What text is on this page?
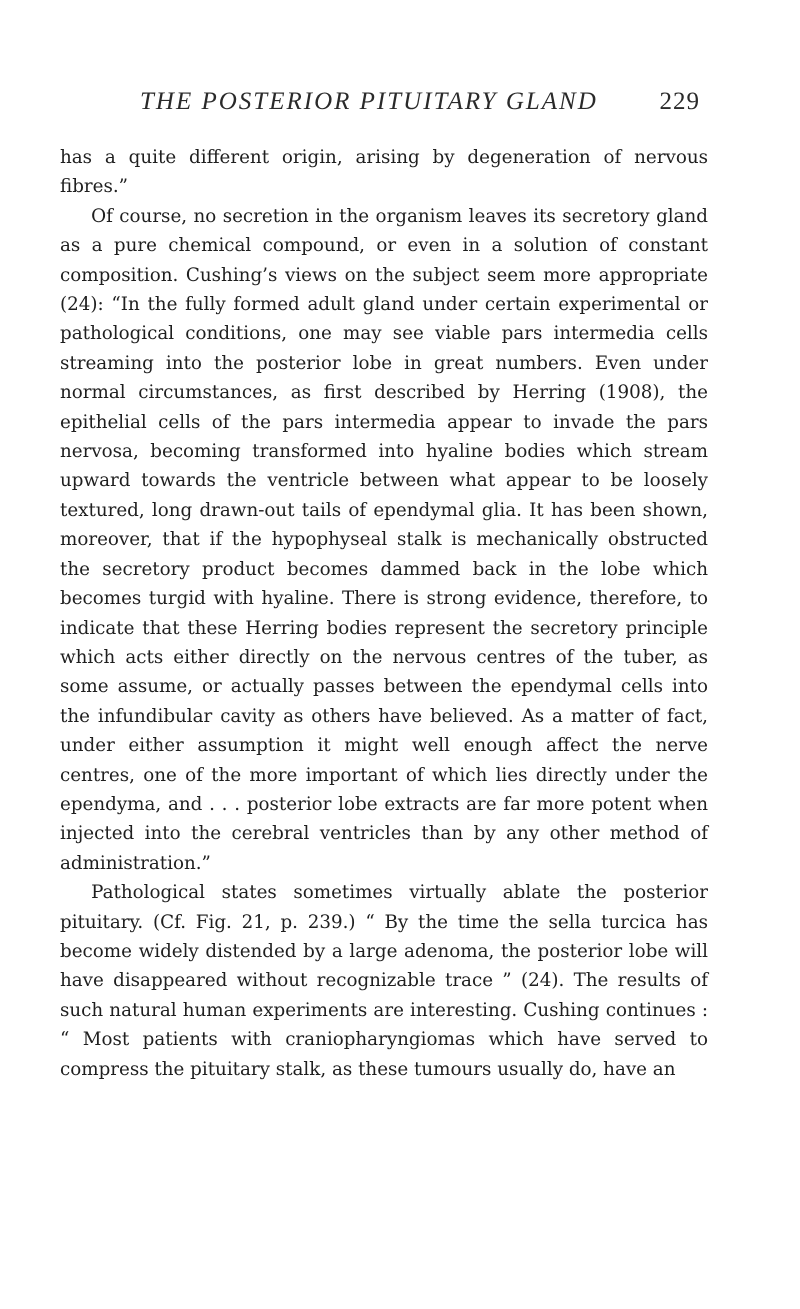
THE POSTERIOR PITUITARY GLAND 229

has a quite different origin, arising by degeneration of nervous fibres.”

Of course, no secretion in the organism leaves its secretory gland as a pure chemical compound, or even in a solution of constant composition. Cushing’s views on the subject seem more appropriate (24): “In the fully formed adult gland under certain experimental or pathological conditions, one may see viable pars intermedia cells streaming into the posterior lobe in great numbers. Even under normal circumstances, as first described by Herring (1908), the epithelial cells of the pars intermedia appear to invade the pars nervosa, becoming transformed into hyaline bodies which stream upward towards the ventricle between what appear to be loosely textured, long drawn-out tails of ependymal glia. It has been shown, moreover, that if the hypophyseal stalk is mechanically obstructed the secretory product becomes dammed back in the lobe which becomes turgid with hyaline. There is strong evidence, therefore, to indicate that these Herring bodies represent the secretory principle which acts either directly on the nervous centres of the tuber, as some assume, or actually passes between the ependymal cells into the infundibular cavity as others have believed. As a matter of fact, under either assumption it might well enough affect the nerve centres, one of the more important of which lies directly under the ependyma, and . . . posterior lobe extracts are far more potent when injected into the cerebral ventricles than by any other method of administration.”

Pathological states sometimes virtually ablate the posterior pituitary. (Cf. Fig. 21, p. 239.) “ By the time the sella turcica has become widely distended by a large adenoma, the posterior lobe will have disappeared without recognizable trace ” (24). The results of such natural human experiments are interesting. Cushing continues : “ Most patients with craniopharyngiomas which have served to compress the pituitary stalk, as these tumours usually do, have an
